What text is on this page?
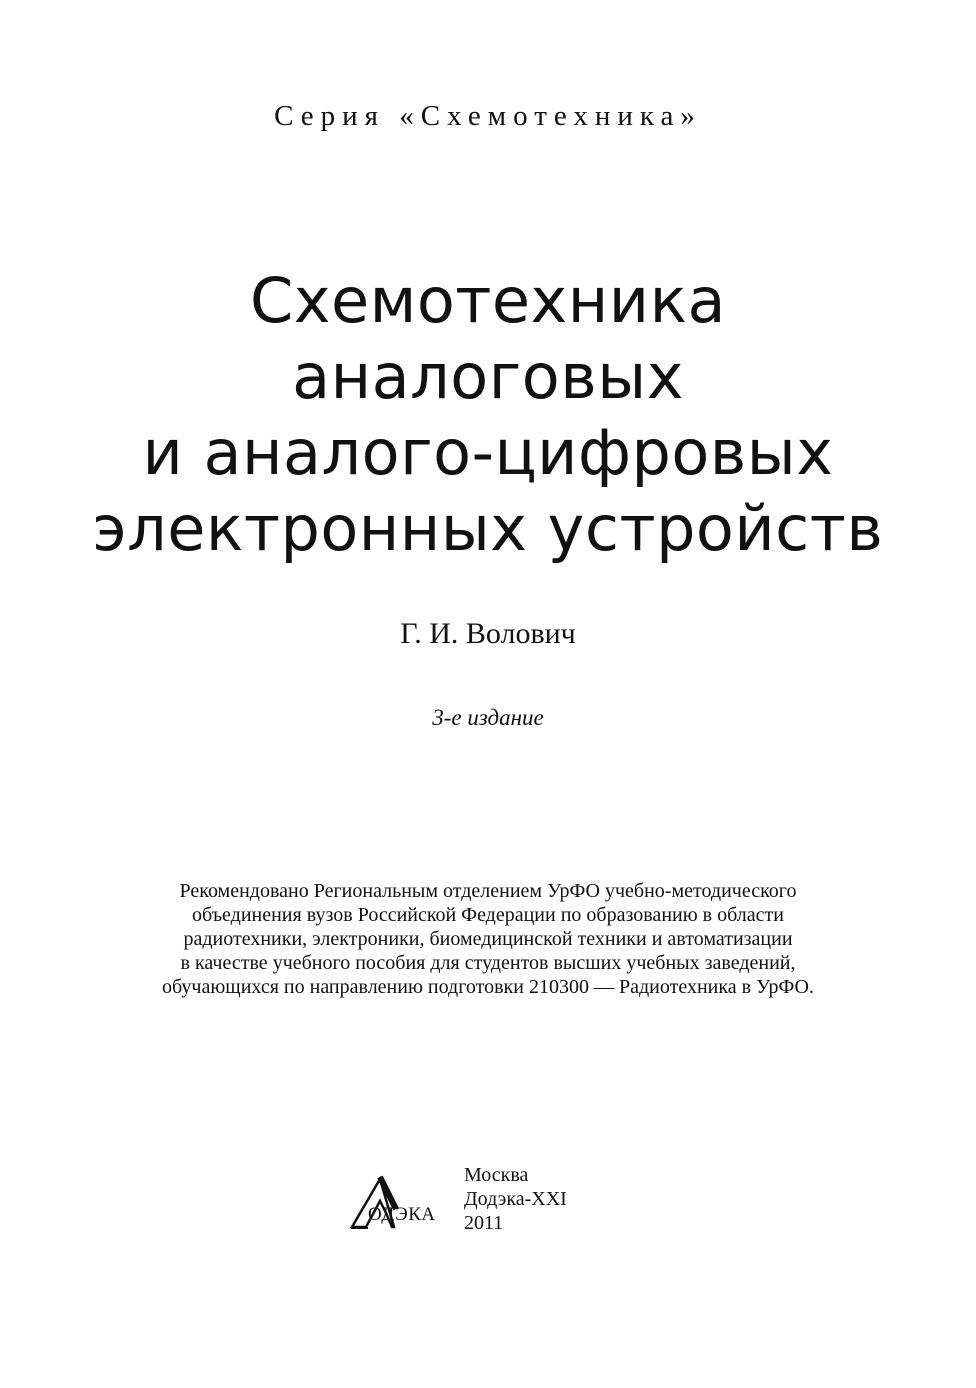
Серия «Схемотехника»
Схемотехника
аналоговых
и аналого-цифровых
электронных устройств
Г. И. Волович
3-е издание
Рекомендовано Региональным отделением УрФО учебно-методического
объединения вузов Российской Федерации по образованию в области
радиотехники, электроники, биомедицинской техники и автоматизации
в качестве учебного пособия для студентов высших учебных заведений,
обучающихся по направлению подготовки 210300 — Радиотехника в УрФО.
ОДЭКА
Москва
Додэка-XXI
2011
